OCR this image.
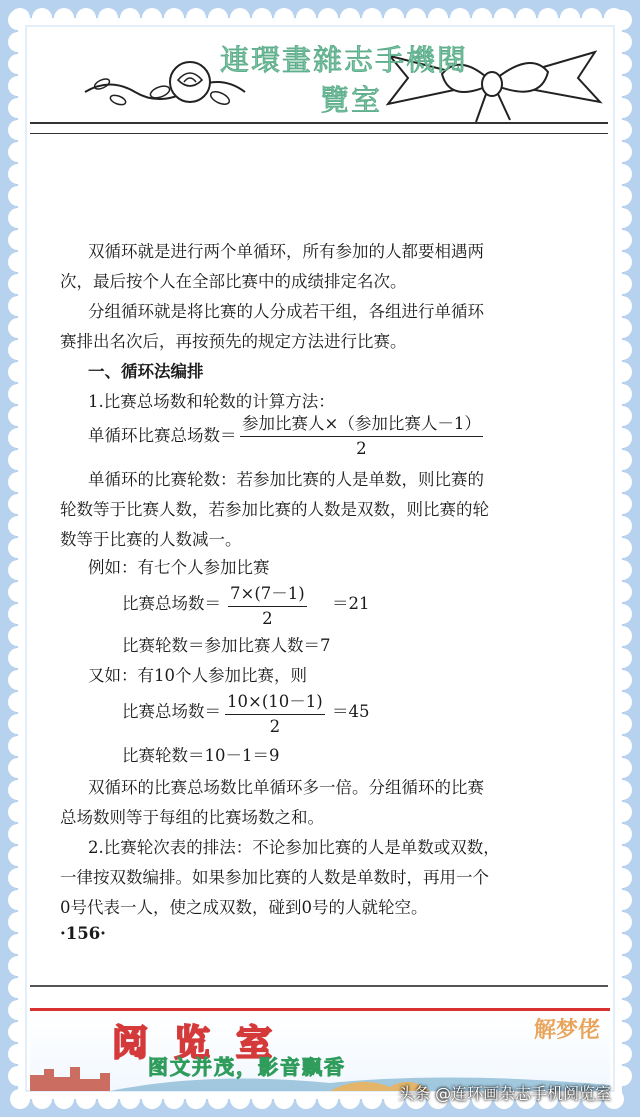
連環畫雜志手機閱
覽室
双循环就是进行两个单循环，所有参加的人都要相遇两
次，最后按个人在全部比赛中的成绩排定名次。
分组循环就是将比赛的人分成若干组，各组进行单循环
赛排出名次后，再按预先的规定方法进行比赛。
一、循环法编排
1.比赛总场数和轮数的计算方法：
单循环比赛总场数＝
参加比赛人×（参加比赛人－1）
2
单循环的比赛轮数：若参加比赛的人是单数，则比赛的
轮数等于比赛人数，若参加比赛的人数是双数，则比赛的轮
数等于比赛的人数减一。
例如：有七个人参加比赛
比赛总场数＝ $\frac{7\times(7-1)}{2} =21$
比赛轮数＝参加比赛人数＝7
又如：有10个人参加比赛，则
比赛总场数＝ $\frac{10\times(10-1)}{2} =45$
比赛轮数＝10－1＝9
双循环的比赛总场数比单循环多一倍。分组循环的比赛
总场数则等于每组的比赛场数之和。
2.比赛轮次表的排法：不论参加比赛的人是单数或双数，
一律按双数编排。如果参加比赛的人数是单数时，再用一个
0号代表一人，使之成双数，碰到0号的人就轮空。
·156·
阅览室
图文并茂，影音飘香
解梦佬
头条 @连环画杂志手机阅览室
